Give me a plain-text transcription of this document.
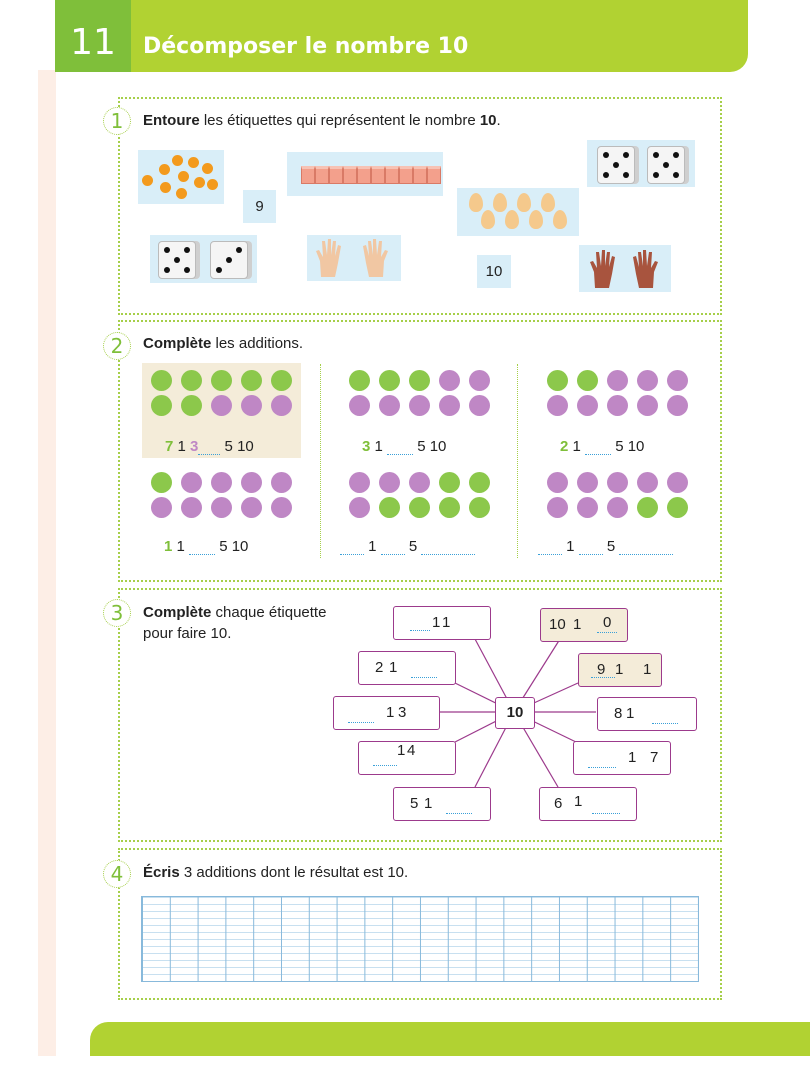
11	Décomposer le nombre 10
1	Entoure les étiquettes qui représentent le nombre 10.
9
10
2	Complète les additions.
7 1 3 5 10	3 1 5 10	2 1 5 10
1 1 5 10	1 5	1 5
3	Complète chaque étiquette
pour faire 10.
10
1 1
2 1
1 3
1 4
5 1
10 1 0
9 1 1
8 1
1 7
6 1
4	Écris 3 additions dont le résultat est 10.
